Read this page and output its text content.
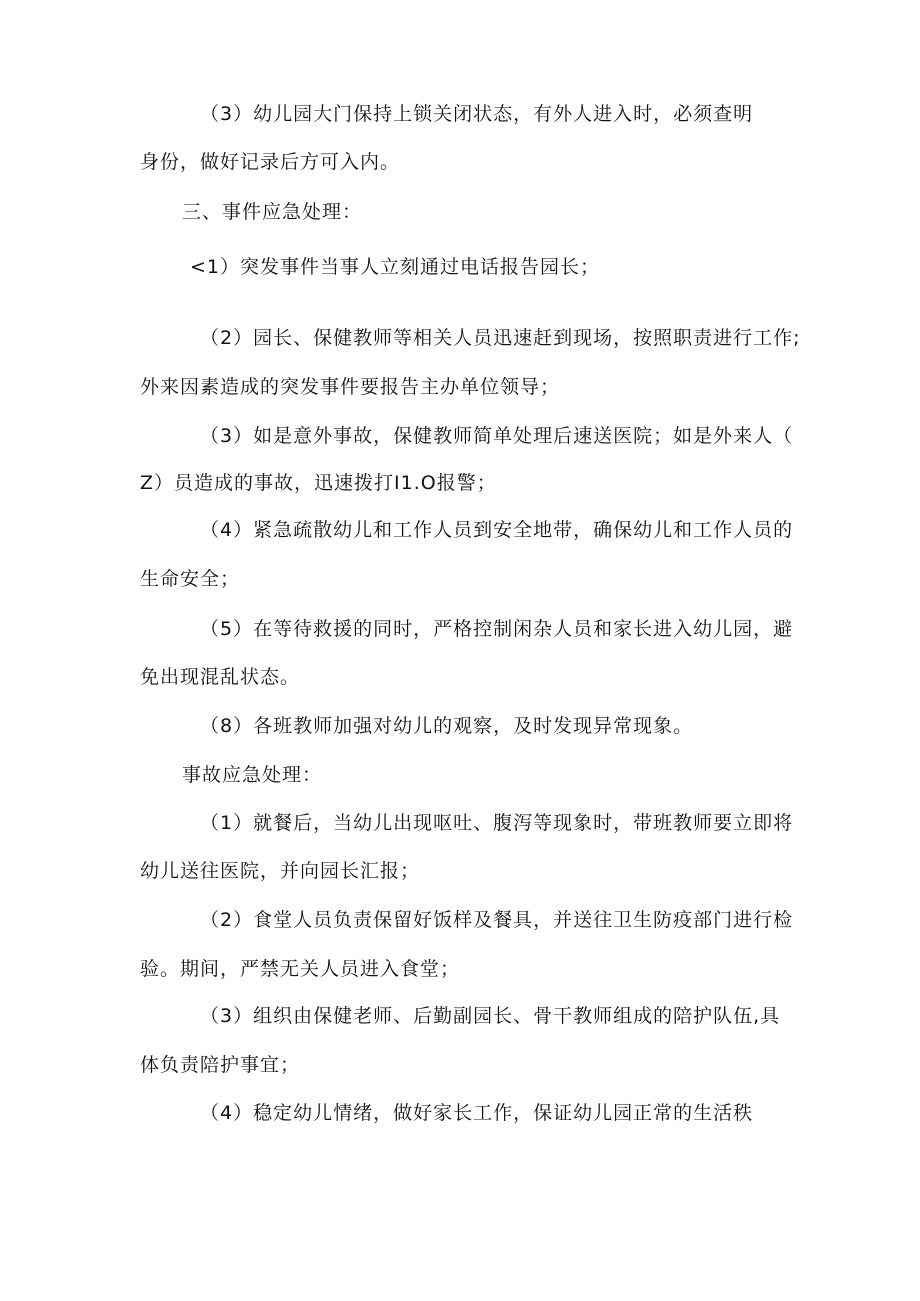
（3）幼儿园大门保持上锁关闭状态，有外人进入时，必须查明
身份，做好记录后方可入内。
三、事件应急处理：
<1）突发事件当事人立刻通过电话报告园长；
（2）园长、保健教师等相关人员迅速赶到现场，按照职责进行工作;
外来因素造成的突发事件要报告主办单位领导；
（3）如是意外事故，保健教师简单处理后速送医院；如是外来人（
Z）员造成的事故，迅速拨打I1.O报警；
（4）紧急疏散幼儿和工作人员到安全地带，确保幼儿和工作人员的
生命安全；
（5）在等待救援的同时，严格控制闲杂人员和家长进入幼儿园，避
免出现混乱状态。
（8）各班教师加强对幼儿的观察，及时发现异常现象。
事故应急处理：
（1）就餐后，当幼儿出现呕吐、腹泻等现象时，带班教师要立即将
幼儿送往医院，并向园长汇报；
（2）食堂人员负责保留好饭样及餐具，并送往卫生防疫部门进行检
验。期间，严禁无关人员进入食堂；
（3）组织由保健老师、后勤副园长、骨干教师组成的陪护队伍,具
体负责陪护事宜；
（4）稳定幼儿情绪，做好家长工作，保证幼儿园正常的生活秩
